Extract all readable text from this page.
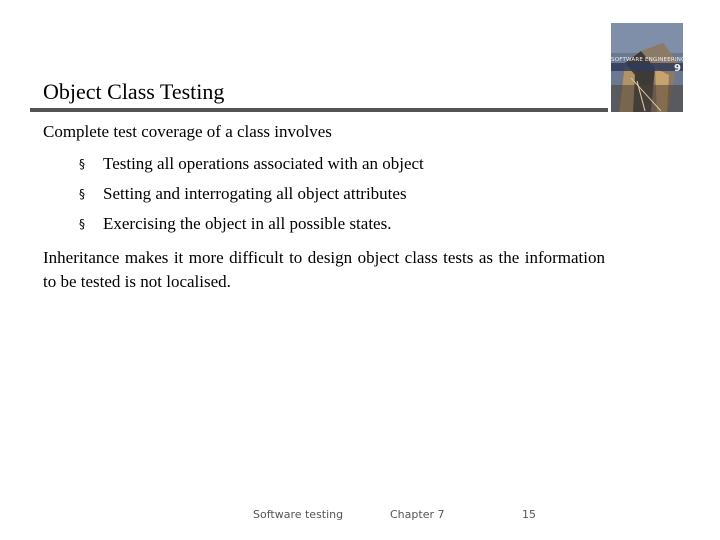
Object Class Testing
SOFTWARE ENGINEERING
9
Complete test coverage of a class involves
§ Testing all operations associated with an object
§ Setting and interrogating all object attributes
§ Exercising the object in all possible states.

Inheritance makes it more difficult to design object class tests as the information to be tested is not localised.

Software testing	Chapter 7	15
